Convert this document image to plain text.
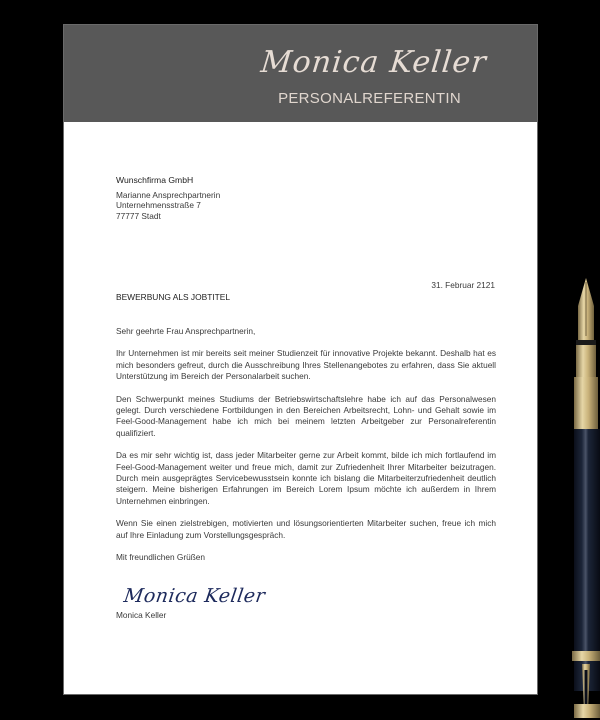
Monica Keller
PERSONALREFERENTIN
Wunschfirma GmbH
Marianne Ansprechpartnerin
Unternehmensstraße 7
77777 Stadt
31. Februar 2121
BEWERBUNG ALS JOBTITEL

Sehr geehrte Frau Ansprechpartnerin,

Ihr Unternehmen ist mir bereits seit meiner Studienzeit für innovative Projekte bekannt. Deshalb hat es mich besonders gefreut, durch die Ausschreibung Ihres Stellenangebotes zu erfahren, dass Sie aktuell Unterstützung im Bereich der Personalarbeit suchen.

Den Schwerpunkt meines Studiums der Betriebswirtschaftslehre habe ich auf das Personalwesen gelegt. Durch verschiedene Fortbildungen in den Bereichen Arbeitsrecht, Lohn- und Gehalt sowie im Feel-Good-Management habe ich mich bei meinem letzten Arbeitgeber zur Personalreferentin qualifiziert.

Da es mir sehr wichtig ist, dass jeder Mitarbeiter gerne zur Arbeit kommt, bilde ich mich fortlaufend im Feel-Good-Management weiter und freue mich, damit zur Zufriedenheit Ihrer Mitarbeiter beizutragen. Durch mein ausgeprägtes Servicebewusstsein konnte ich bislang die Mitarbeiterzufriedenheit deutlich steigern. Meine bisherigen Erfahrungen im Bereich Lorem Ipsum möchte ich außerdem in Ihrem Unternehmen einbringen.

Wenn Sie einen zielstrebigen, motivierten und lösungsorientierten Mitarbeiter suchen, freue ich mich auf Ihre Einladung zum Vorstellungsgespräch.

Mit freundlichen Grüßen

Monica Keller
Monica Keller
